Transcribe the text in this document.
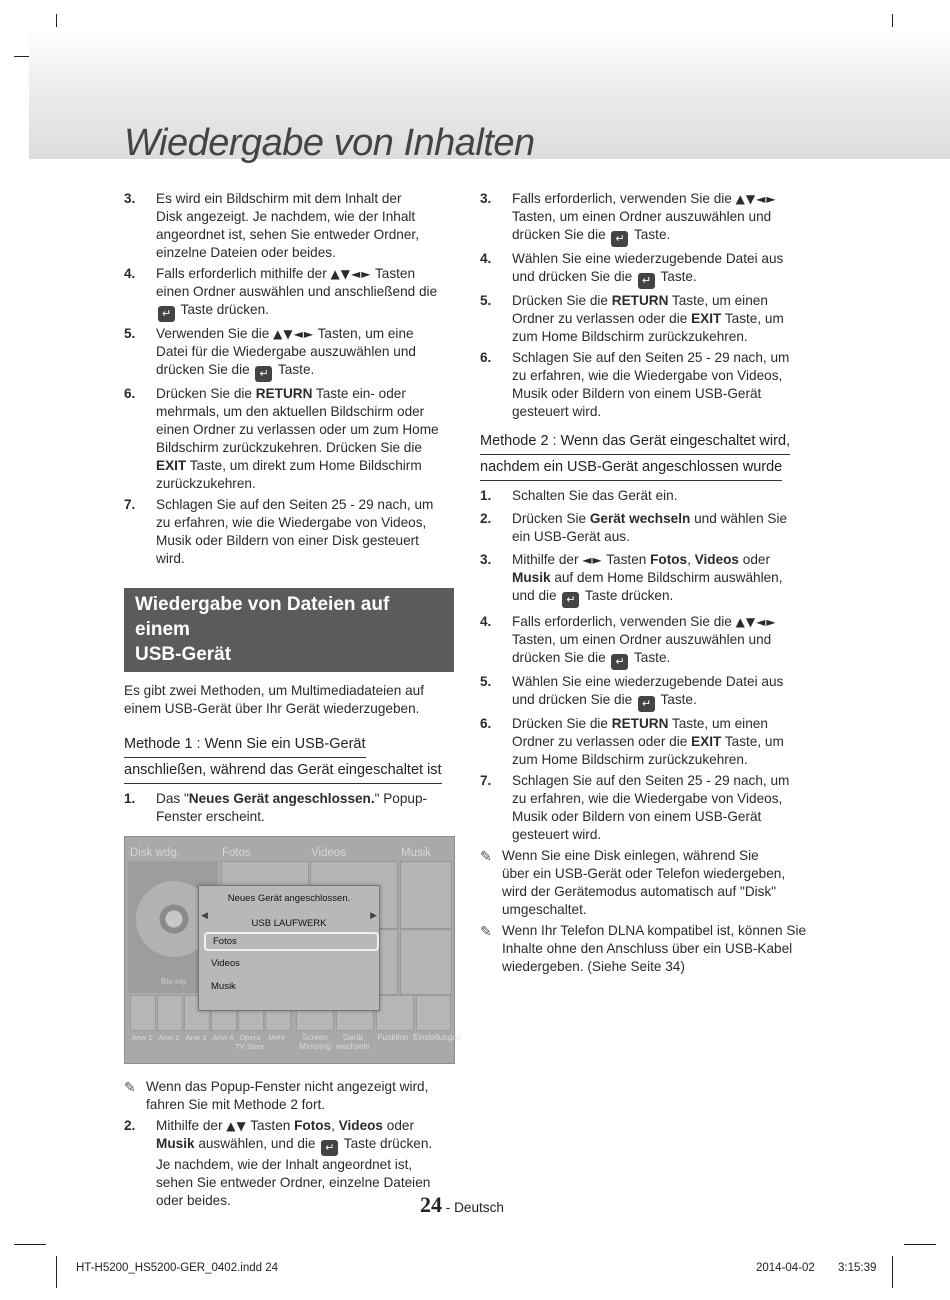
Wiedergabe von Inhalten
3. Es wird ein Bildschirm mit dem Inhalt der
Disk angezeigt. Je nachdem, wie der Inhalt
angeordnet ist, sehen Sie entweder Ordner,
einzelne Dateien oder beides.
4. Falls erforderlich mithilfe der ▲▼◄► Tasten
einen Ordner auswählen und anschließend die
↵ Taste drücken.
5. Verwenden Sie die ▲▼◄► Tasten, um eine
Datei für die Wiedergabe auszuwählen und
drücken Sie die ↵ Taste.
6. Drücken Sie die RETURN Taste ein- oder
mehrmals, um den aktuellen Bildschirm oder
einen Ordner zu verlassen oder um zum Home
Bildschirm zurückzukehren. Drücken Sie die
EXIT Taste, um direkt zum Home Bildschirm
zurückzukehren.
7. Schlagen Sie auf den Seiten 25 - 29 nach, um
zu erfahren, wie die Wiedergabe von Videos,
Musik oder Bildern von einer Disk gesteuert
wird.
Wiedergabe von Dateien auf einem
USB-Gerät
Es gibt zwei Methoden, um Multimediadateien auf
einem USB-Gerät über Ihr Gerät wiederzugeben.
Methode 1 : Wenn Sie ein USB-Gerät
anschließen, während das Gerät eingeschaltet ist
1. Das "Neues Gerät angeschlossen." Popup-
Fenster erscheint.
Disk wdg.	Fotos	Videos	Musik
Blu-ray
Anw 1 Anw 2 Anw 3 Anw 4 Opera TV Store
Mehr	Screen Mirroring
Gerät wechseln
Funktion Einstellungen
Neues Gerät angeschlossen.
◀
USB LAUFWERK
▶
Fotos
Videos
Musik
✎ Wenn das Popup-Fenster nicht angezeigt wird,
fahren Sie mit Methode 2 fort.
2. Mithilfe der ▲▼ Tasten Fotos, Videos oder
Musik auswählen, und die ↵ Taste drücken.
Je nachdem, wie der Inhalt angeordnet ist,
sehen Sie entweder Ordner, einzelne Dateien
oder beides.
3. Falls erforderlich, verwenden Sie die ▲▼◄►
Tasten, um einen Ordner auszuwählen und
drücken Sie die ↵ Taste.
4. Wählen Sie eine wiederzugebende Datei aus
und drücken Sie die ↵ Taste.
5. Drücken Sie die RETURN Taste, um einen
Ordner zu verlassen oder die EXIT Taste, um
zum Home Bildschirm zurückzukehren.
6. Schlagen Sie auf den Seiten 25 - 29 nach, um
zu erfahren, wie die Wiedergabe von Videos,
Musik oder Bildern von einem USB-Gerät
gesteuert wird.
Methode 2 : Wenn das Gerät eingeschaltet wird,
nachdem ein USB-Gerät angeschlossen wurde
1. Schalten Sie das Gerät ein.
2. Drücken Sie Gerät wechseln und wählen Sie
ein USB-Gerät aus.
3. Mithilfe der ◄► Tasten Fotos, Videos oder
Musik auf dem Home Bildschirm auswählen,
und die ↵ Taste drücken.
4. Falls erforderlich, verwenden Sie die ▲▼◄►
Tasten, um einen Ordner auszuwählen und
drücken Sie die ↵ Taste.
5. Wählen Sie eine wiederzugebende Datei aus
und drücken Sie die ↵ Taste.
6. Drücken Sie die RETURN Taste, um einen
Ordner zu verlassen oder die EXIT Taste, um
zum Home Bildschirm zurückzukehren.
7. Schlagen Sie auf den Seiten 25 - 29 nach, um
zu erfahren, wie die Wiedergabe von Videos,
Musik oder Bildern von einem USB-Gerät
gesteuert wird.
✎ Wenn Sie eine Disk einlegen, während Sie
über ein USB-Gerät oder Telefon wiedergeben,
wird der Gerätemodus automatisch auf "Disk"
umgeschaltet.
✎ Wenn Ihr Telefon DLNA kompatibel ist, können Sie
Inhalte ohne den Anschluss über ein USB-Kabel
wiedergeben. (Siehe Seite 34)
24 - Deutsch
HT-H5200_HS5200-GER_0402.indd 24	2014-04-02 3:15:39
